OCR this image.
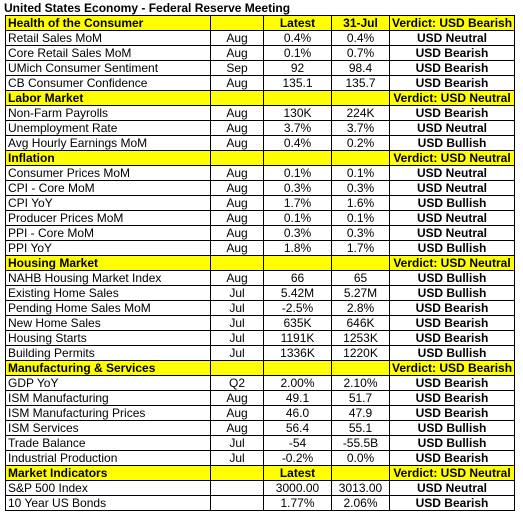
United States Economy - Federal Reserve Meeting
Health of the Consumer		Latest	31-Jul	Verdict: USD Bearish
Retail Sales MoM	Aug	0.4%	0.4%	USD Neutral
Core Retail Sales MoM	Aug	0.1%	0.7%	USD Bearish
UMich Consumer Sentiment	Sep	92	98.4	USD Bearish
CB Consumer Confidence	Aug	135.1	135.7	USD Bearish
Labor Market				Verdict: USD Neutral
Non-Farm Payrolls	Aug	130K	224K	USD Bearish
Unemployment Rate	Aug	3.7%	3.7%	USD Neutral
Avg Hourly Earnings MoM	Aug	0.4%	0.2%	USD Bullish
Inflation				Verdict: USD Neutral
Consumer Prices MoM	Aug	0.1%	0.1%	USD Neutral
CPI - Core MoM	Aug	0.3%	0.3%	USD Neutral
CPI YoY	Aug	1.7%	1.6%	USD Bullish
Producer Prices MoM	Aug	0.1%	0.1%	USD Neutral
PPI - Core MoM	Aug	0.3%	0.3%	USD Neutral
PPI YoY	Aug	1.8%	1.7%	USD Bullish
Housing Market				Verdict: USD Neutral
NAHB Housing Market Index	Aug	66	65	USD Bullish
Existing Home Sales	Jul	5.42M	5.27M	USD Bullish
Pending Home Sales MoM	Jul	-2.5%	2.8%	USD Bearish
New Home Sales	Jul	635K	646K	USD Bearish
Housing Starts	Jul	1191K	1253K	USD Bearish
Building Permits	Jul	1336K	1220K	USD Bullish
Manufacturing & Services				Verdict: USD Bearish
GDP YoY	Q2	2.00%	2.10%	USD Bearish
ISM Manufacturing	Aug	49.1	51.7	USD Bearish
ISM Manufacturing Prices	Aug	46.0	47.9	USD Bearish
ISM Services	Aug	56.4	55.1	USD Bullish
Trade Balance	Jul	-54	-55.5B	USD Bullish
Industrial Production	Jul	-0.2%	0.0%	USD Bearish
Market Indicators		Latest		Verdict: USD Neutral
S&P 500 Index		3000.00	3013.00	USD Neutral
10 Year US Bonds		1.77%	2.06%	USD Bearish
